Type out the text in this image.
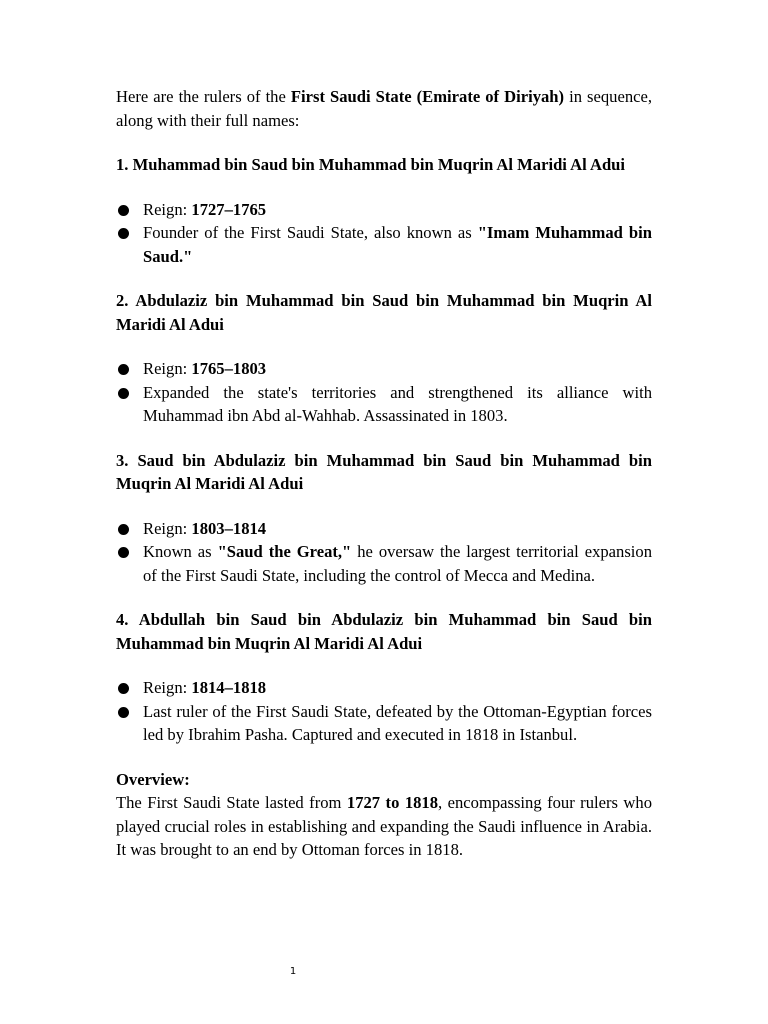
Here are the rulers of the First Saudi State (Emirate of Diriyah) in sequence, along with their full names:

1. Muhammad bin Saud bin Muhammad bin Muqrin Al Maridi Al Adui

Reign: 1727–1765
Founder of the First Saudi State, also known as "Imam Muhammad bin Saud."

2. Abdulaziz bin Muhammad bin Saud bin Muhammad bin Muqrin Al Maridi Al Adui

Reign: 1765–1803
Expanded the state's territories and strengthened its alliance with Muhammad ibn Abd al-Wahhab. Assassinated in 1803.

3. Saud bin Abdulaziz bin Muhammad bin Saud bin Muhammad bin Muqrin Al Maridi Al Adui

Reign: 1803–1814
Known as "Saud the Great," he oversaw the largest territorial expansion of the First Saudi State, including the control of Mecca and Medina.

4. Abdullah bin Saud bin Abdulaziz bin Muhammad bin Saud bin Muhammad bin Muqrin Al Maridi Al Adui

Reign: 1814–1818
Last ruler of the First Saudi State, defeated by the Ottoman-Egyptian forces led by Ibrahim Pasha. Captured and executed in 1818 in Istanbul.

Overview:

The First Saudi State lasted from 1727 to 1818, encompassing four rulers who played crucial roles in establishing and expanding the Saudi influence in Arabia. It was brought to an end by Ottoman forces in 1818.

1
